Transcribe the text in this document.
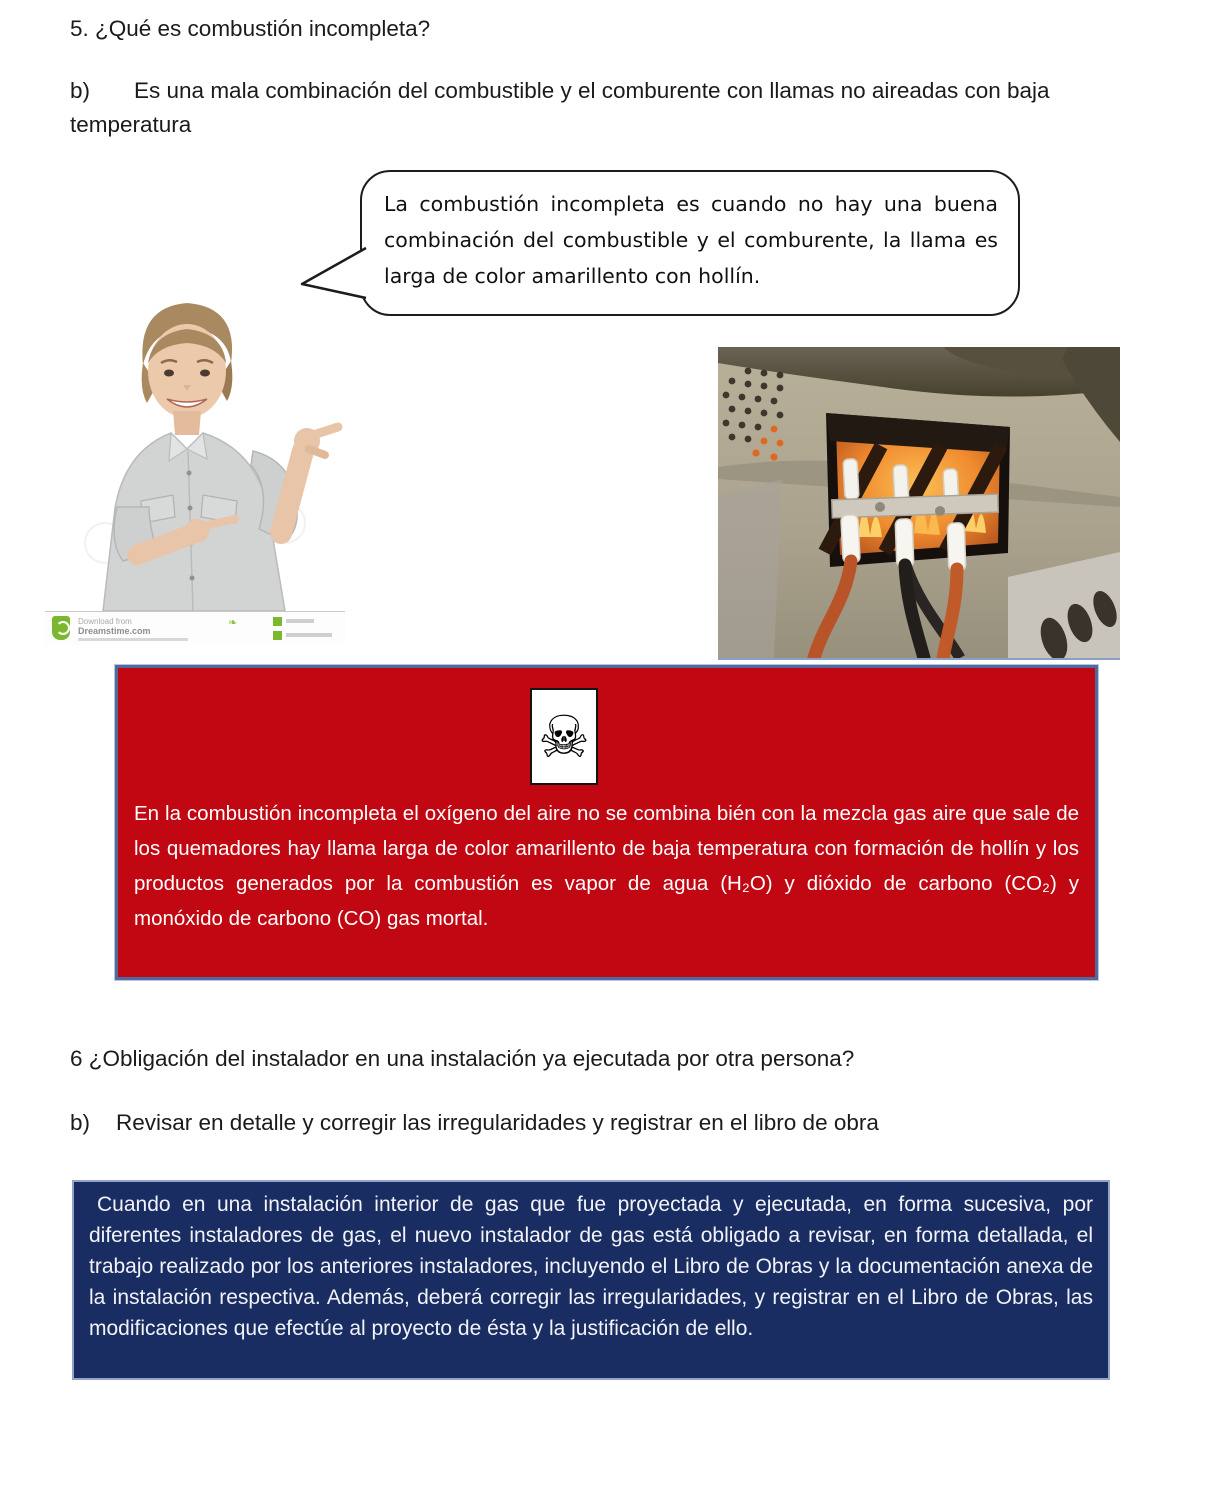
5. ¿Qué es combustión incompleta?

b) Es una mala combinación del combustible y el comburente con llamas no aireadas con baja temperatura

La combustión incompleta es cuando no hay una buena combinación del combustible y el comburente, la llama es larga de color amarillento con hollín.

Download from
Dreamstime.com
❧
☠

En la combustión incompleta el oxígeno del aire no se combina bién con la mezcla gas aire que sale de los quemadores hay llama larga de color amarillento de baja temperatura con formación de hollín y los productos generados por la combustión es vapor de agua (H₂O) y dióxido de carbono (CO₂) y monóxido de carbono (CO) gas mortal.

6 ¿Obligación del instalador en una instalación ya ejecutada por otra persona?

b) Revisar en detalle y corregir las irregularidades y registrar en el libro de obra

Cuando en una instalación interior de gas que fue proyectada y ejecutada, en forma sucesiva, por diferentes instaladores de gas, el nuevo instalador de gas está obligado a revisar, en forma detallada, el trabajo realizado por los anteriores instaladores, incluyendo el Libro de Obras y la documentación anexa de la instalación respectiva. Además, deberá corregir las irregularidades, y registrar en el Libro de Obras, las modificaciones que efectúe al proyecto de ésta y la justificación de ello.
